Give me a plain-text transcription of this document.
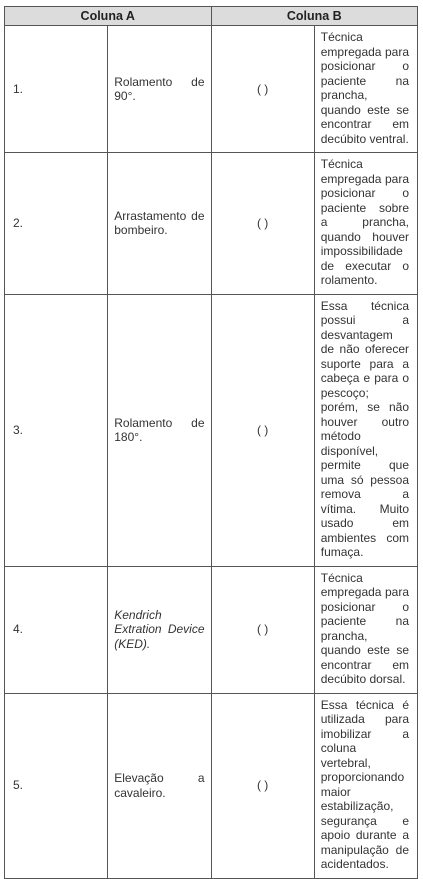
Coluna A		Coluna B	
1.	Rolamento de 90°.	( )	Técnica empregada para posicionar o paciente na prancha, quando este se encontrar em decúbito ventral.

2.	Arrastamento de bombeiro.	( )	Técnica empregada para posicionar o paciente sobre a prancha, quando houver impossibilidade de executar o rolamento.

3.	Rolamento de 180°.	( )	Essa técnica possui a desvantagem de não oferecer suporte para a cabeça e para o pescoço; porém, se não houver outro método disponível, permite que uma só pessoa remova a vítima. Muito usado em ambientes com fumaça.

4.	Kendrich Extration Device (KED).	( )	Técnica empregada para posicionar o paciente na prancha, quando este se encontrar em decúbito dorsal.

5.	Elevação a cavaleiro.	( )	Essa técnica é utilizada para imobilizar a coluna vertebral, proporcionando maior estabilização, segurança e apoio durante a manipulação de acidentados.
